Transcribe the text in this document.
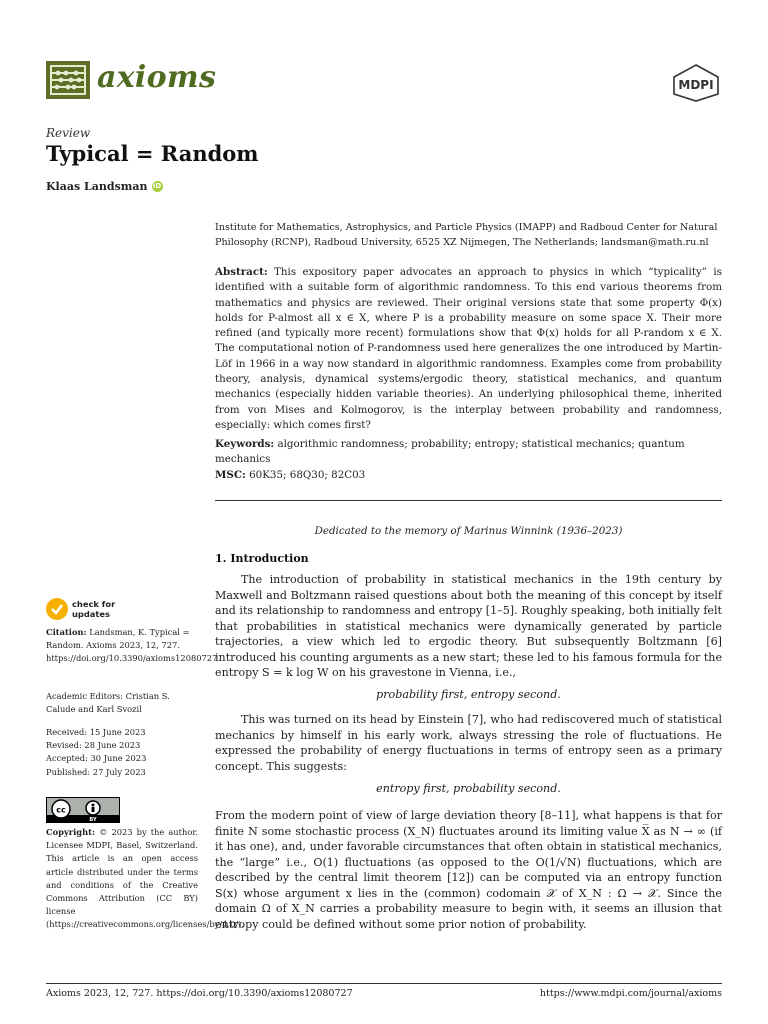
axioms	MDPI
Review
Typical = Random
Klaas Landsman iD
Institute for Mathematics, Astrophysics, and Particle Physics (IMAPP) and Radboud Center for Natural Philosophy (RCNP), Radboud University, 6525 XZ Nijmegen, The Netherlands; landsman@math.ru.nl
Abstract: This expository paper advocates an approach to physics in which “typicality” is identified with a suitable form of algorithmic randomness. To this end various theorems from mathematics and physics are reviewed. Their original versions state that some property Φ(x) holds for P-almost all x ∈ X, where P is a probability measure on some space X. Their more refined (and typically more recent) formulations show that Φ(x) holds for all P-random x ∈ X. The computational notion of P-randomness used here generalizes the one introduced by Martin-Löf in 1966 in a way now standard in algorithmic randomness. Examples come from probability theory, analysis, dynamical systems/ergodic theory, statistical mechanics, and quantum mechanics (especially hidden variable theories). An underlying philosophical theme, inherited from von Mises and Kolmogorov, is the interplay between probability and randomness, especially: which comes first?
Keywords: algorithmic randomness; probability; entropy; statistical mechanics; quantum mechanics
MSC: 60K35; 68Q30; 82C03
Dedicated to the memory of Marinus Winnink (1936–2023)
1. Introduction
The introduction of probability in statistical mechanics in the 19th century by Maxwell and Boltzmann raised questions about both the meaning of this concept by itself and its relationship to randomness and entropy [1–5]. Roughly speaking, both initially felt that probabilities in statistical mechanics were dynamically generated by particle trajectories, a view which led to ergodic theory. But subsequently Boltzmann [6] introduced his counting arguments as a new start; these led to his famous formula for the entropy S = k log W on his gravestone in Vienna, i.e.,
probability first, entropy second.
This was turned on its head by Einstein [7], who had rediscovered much of statistical mechanics by himself in his early work, always stressing the role of fluctuations. He expressed the probability of energy fluctuations in terms of entropy seen as a primary concept. This suggests:
entropy first, probability second.
From the modern point of view of large deviation theory [8–11], what happens is that for finite N some stochastic process (X_N) fluctuates around its limiting value X̅ as N → ∞ (if it has one), and, under favorable circumstances that often obtain in statistical mechanics, the “large” i.e., O(1) fluctuations (as opposed to the O(1/√N) fluctuations, which are described by the central limit theorem [12]) can be computed via an entropy function S(x) whose argument x lies in the (common) codomain 𝒳 of X_N : Ω → 𝒳. Since the domain Ω of X_N carries a probability measure to begin with, it seems an illusion that entropy could be defined without some prior notion of probability.
check for
updates
Citation: Landsman, K. Typical = Random. Axioms 2023, 12, 727. https://doi.org/10.3390/axioms12080727
Academic Editors: Cristian S. Calude and Karl Svozil
Received: 15 June 2023
Revised: 28 June 2023
Accepted: 30 June 2023
Published: 27 July 2023
cc
BY
Copyright: © 2023 by the author. Licensee MDPI, Basel, Switzerland. This article is an open access article distributed under the terms and conditions of the Creative Commons Attribution (CC BY) license (https://creativecommons.org/licenses/by/4.0/).
Axioms 2023, 12, 727. https://doi.org/10.3390/axioms12080727	https://www.mdpi.com/journal/axioms
